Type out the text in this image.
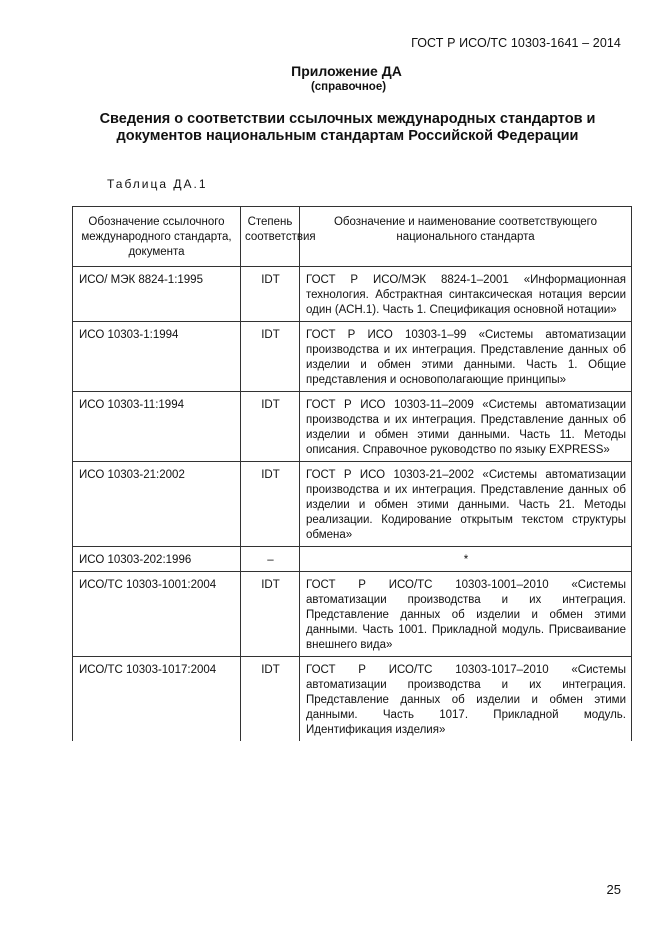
ГОСТ Р ИСО/ТС 10303-1641 – 2014
Приложение ДА
(справочное)
Сведения о соответствии ссылочных международных стандартов и документов национальным стандартам Российской Федерации
Таблица ДА.1
Обозначение ссылочного международного стандарта, документа	Степень соответствия	Обозначение и наименование соответствующего национального стандарта
ИСО/ МЭК 8824-1:1995	IDT	ГОСТ Р ИСО/МЭК 8824-1–2001 «Информационная технология. Абстрактная синтаксическая нотация версии один (АСН.1). Часть 1. Спецификация основной нотации»
ИСО 10303-1:1994	IDT	ГОСТ Р ИСО 10303-1–99 «Системы автоматизации производства и их интеграция. Представление данных об изделии и обмен этими данными. Часть 1. Общие представления и основополагающие принципы»
ИСО 10303-11:1994	IDT	ГОСТ Р ИСО 10303-11–2009 «Системы автоматизации производства и их интеграция. Представление данных об изделии и обмен этими данными. Часть 11. Методы описания. Справочное руководство по языку EXPRESS»
ИСО 10303-21:2002	IDT	ГОСТ Р ИСО 10303-21–2002 «Системы автоматизации производства и их интеграция. Представление данных об изделии и обмен этими данными. Часть 21. Методы реализации. Кодирование открытым текстом структуры обмена»
ИСО 10303-202:1996	–	*
ИСО/ТС 10303-1001:2004	IDT	ГОСТ Р ИСО/ТС 10303-1001–2010 «Системы автоматизации производства и их интеграция. Представление данных об изделии и обмен этими данными. Часть 1001. Прикладной модуль. Присваивание внешнего вида»
ИСО/ТС 10303-1017:2004	IDT	ГОСТ Р ИСО/ТС 10303-1017–2010 «Системы автоматизации производства и их интеграция. Представление данных об изделии и обмен этими данными. Часть 1017. Прикладной модуль. Идентификация изделия»
25
